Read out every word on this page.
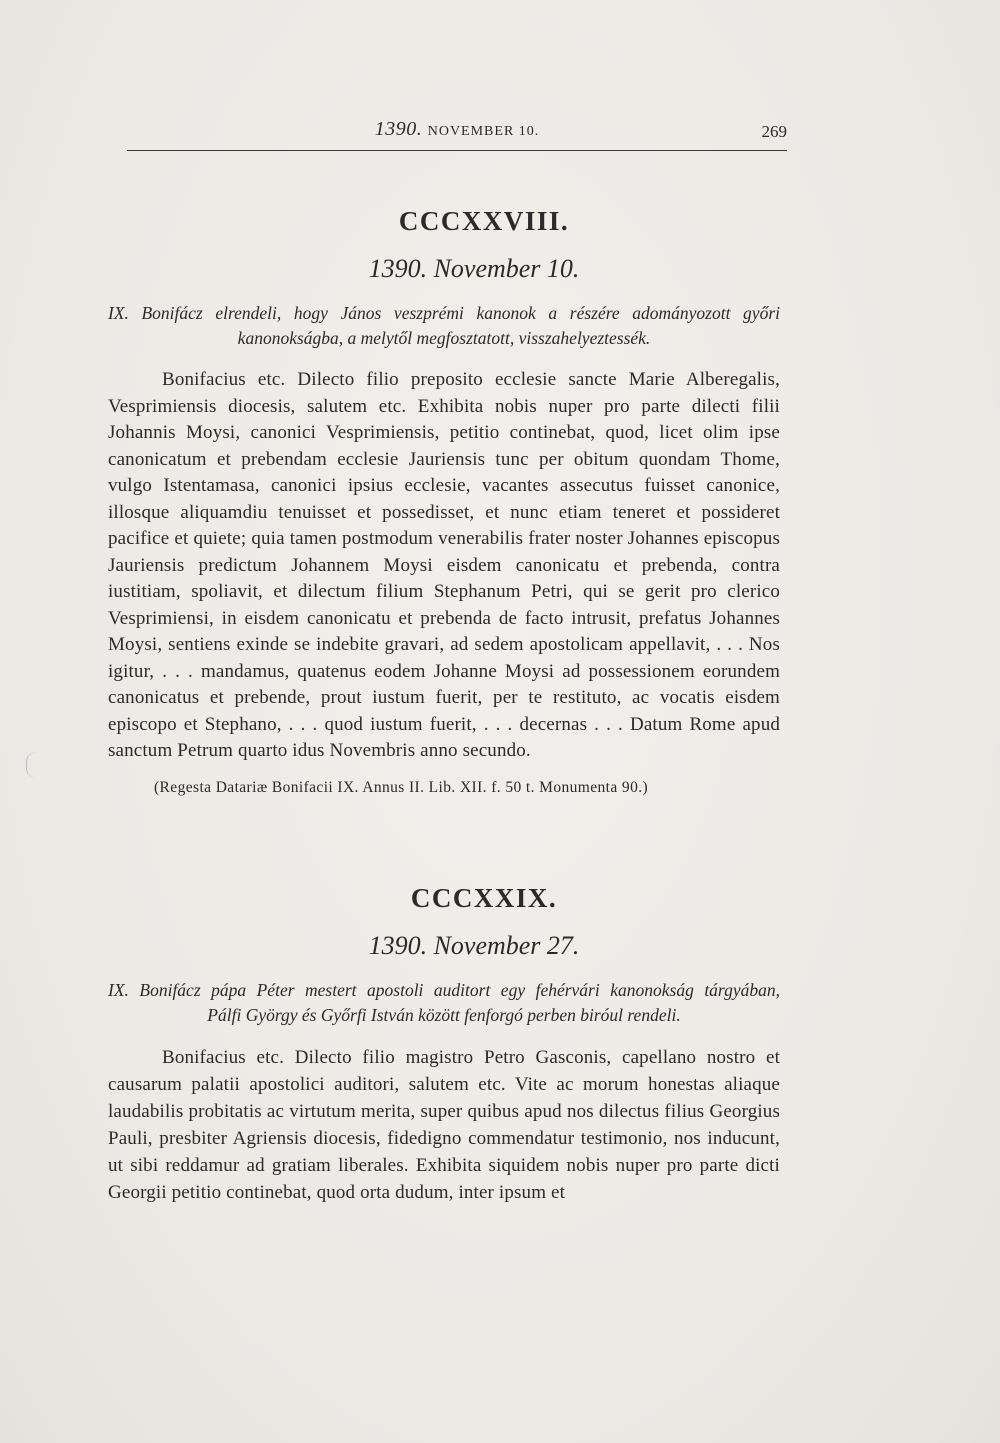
1390. NOVEMBER 10.	269
CCCXXVIII.
1390. November 10.

IX. Bonifácz elrendeli, hogy János veszprémi kanonok a részére adományozott győri
kanonokságba, a melytől megfosztatott, visszahelyeztessék.

Bonifacius etc. Dilecto filio preposito ecclesie sancte Marie Alberegalis, Vesprimiensis diocesis, salutem etc. Exhibita nobis nuper pro parte dilecti filii Johannis Moysi, canonici Vesprimiensis, petitio continebat, quod, licet olim ipse canonicatum et prebendam ecclesie Jauriensis tunc per obitum quondam Thome, vulgo Istentamasa, canonici ipsius ecclesie, vacantes assecutus fuisset canonice, illosque aliquamdiu tenuisset et possedisset, et nunc etiam teneret et possideret pacifice et quiete; quia tamen postmodum venerabilis frater noster Johannes episcopus Jauriensis predictum Johannem Moysi eisdem canonicatu et prebenda, contra iustitiam, spoliavit, et dilectum filium Stephanum Petri, qui se gerit pro clerico Vesprimiensi, in eisdem canonicatu et prebenda de facto intrusit, prefatus Johannes Moysi, sentiens exinde se indebite gravari, ad sedem apostolicam appellavit, . . . Nos igitur, . . . mandamus, quatenus eodem Johanne Moysi ad possessionem eorundem canonicatus et prebende, prout iustum fuerit, per te restituto, ac vocatis eisdem episcopo et Stephano, . . . quod iustum fuerit, . . . decernas . . . Datum Rome apud sanctum Petrum quarto idus Novembris anno secundo.

(Regesta Datariæ Bonifacii IX. Annus II. Lib. XII. f. 50 t. Monumenta 90.)

CCCXXIX.
1390. November 27.

IX. Bonifácz pápa Péter mestert apostoli auditort egy fehérvári kanonokság tárgyában,
Pálfi György és Győrfi István között fenforgó perben biróul rendeli.

Bonifacius etc. Dilecto filio magistro Petro Gasconis, capellano nostro et causarum palatii apostolici auditori, salutem etc. Vite ac morum honestas aliaque laudabilis probitatis ac virtutum merita, super quibus apud nos dilectus filius Georgius Pauli, presbiter Agriensis diocesis, fidedigno commendatur testimonio, nos inducunt, ut sibi reddamur ad gratiam liberales. Exhibita siquidem nobis nuper pro parte dicti Georgii petitio continebat, quod orta dudum, inter ipsum et
